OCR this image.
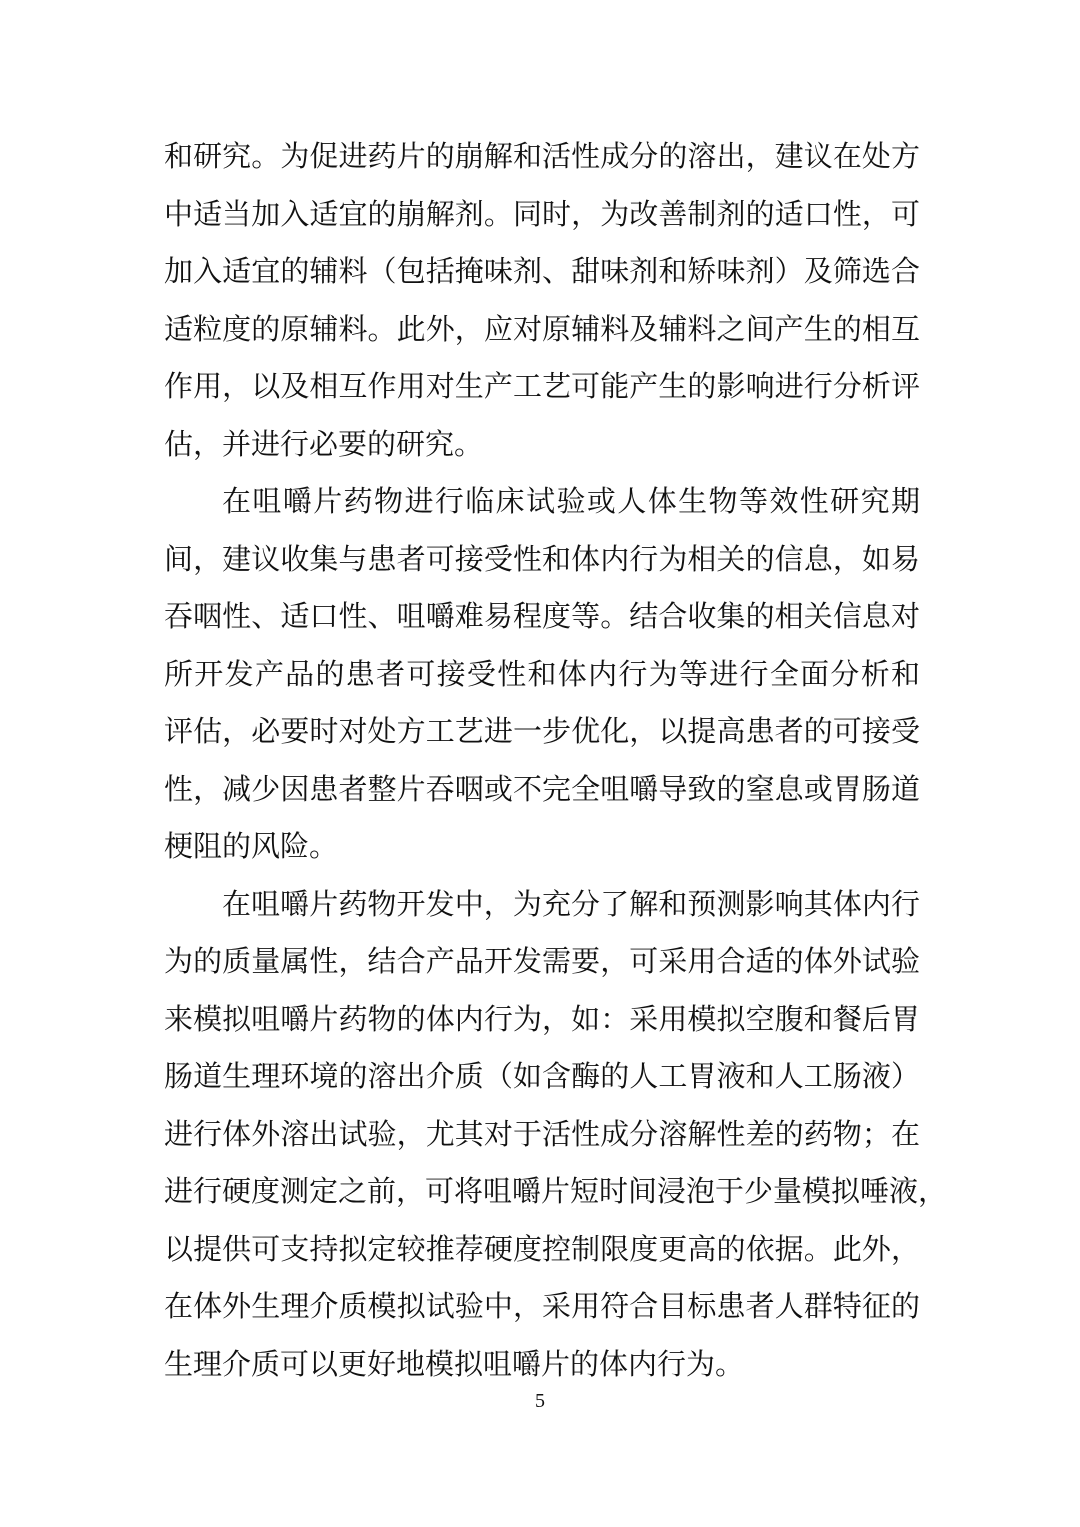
和研究。为促进药片的崩解和活性成分的溶出，建议在处方
中适当加入适宜的崩解剂。同时，为改善制剂的适口性，可
加入适宜的辅料（包括掩味剂、甜味剂和矫味剂）及筛选合
适粒度的原辅料。此外，应对原辅料及辅料之间产生的相互
作用，以及相互作用对生产工艺可能产生的影响进行分析评
估，并进行必要的研究。
在咀嚼片药物进行临床试验或人体生物等效性研究期
间，建议收集与患者可接受性和体内行为相关的信息，如易
吞咽性、适口性、咀嚼难易程度等。结合收集的相关信息对
所开发产品的患者可接受性和体内行为等进行全面分析和
评估，必要时对处方工艺进一步优化，以提高患者的可接受
性，减少因患者整片吞咽或不完全咀嚼导致的窒息或胃肠道
梗阻的风险。
在咀嚼片药物开发中，为充分了解和预测影响其体内行
为的质量属性，结合产品开发需要，可采用合适的体外试验
来模拟咀嚼片药物的体内行为，如：采用模拟空腹和餐后胃
肠道生理环境的溶出介质（如含酶的人工胃液和人工肠液）
进行体外溶出试验，尤其对于活性成分溶解性差的药物；在
进行硬度测定之前，可将咀嚼片短时间浸泡于少量模拟唾液，
以提供可支持拟定较推荐硬度控制限度更高的依据。此外，
在体外生理介质模拟试验中，采用符合目标患者人群特征的
生理介质可以更好地模拟咀嚼片的体内行为。
5
